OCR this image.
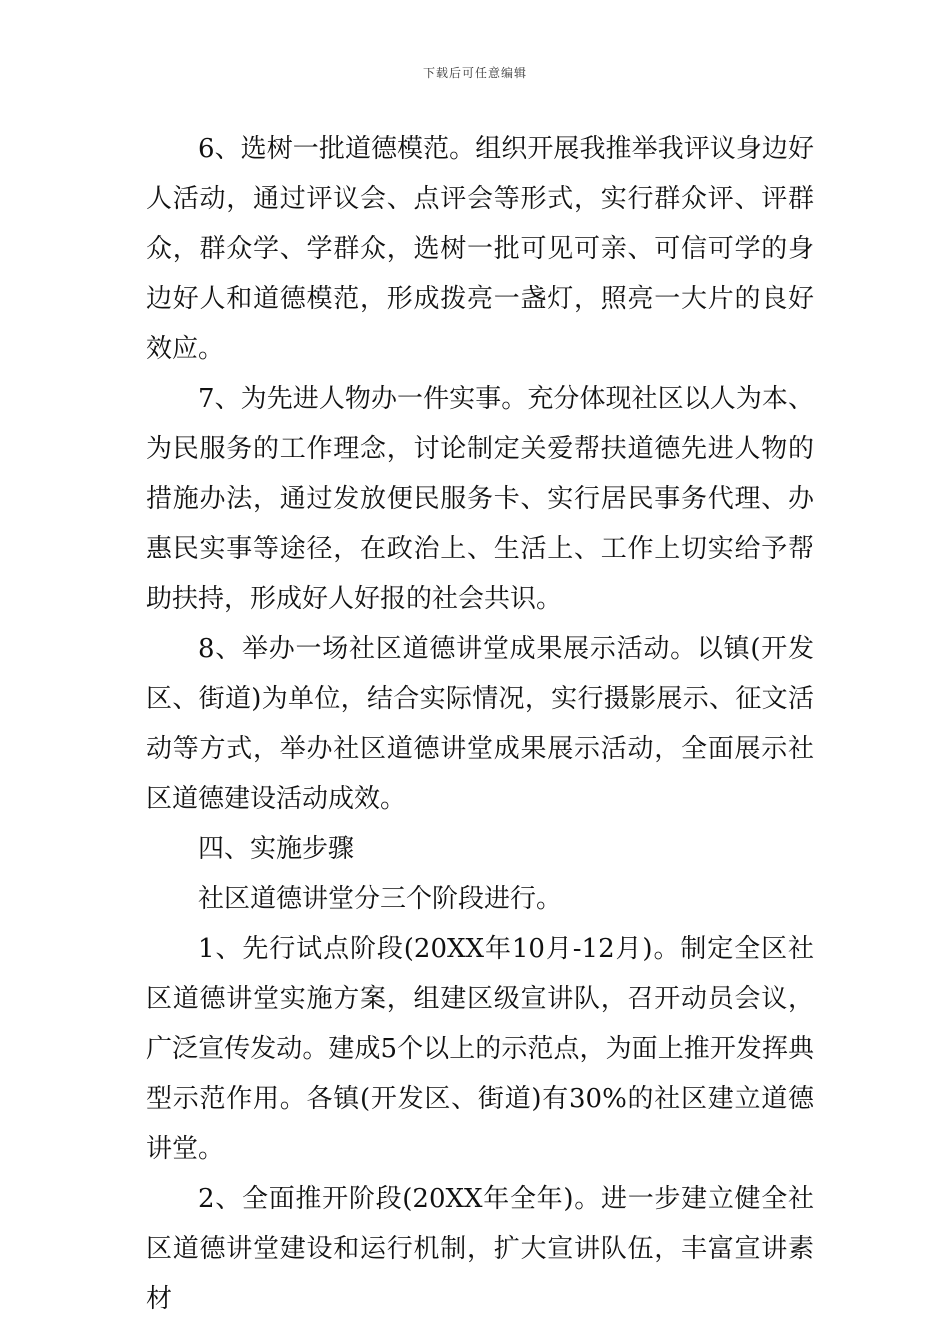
下载后可任意编辑

6、选树一批道德模范。组织开展我推举我评议身边好人活动，通过评议会、点评会等形式，实行群众评、评群众，群众学、学群众，选树一批可见可亲、可信可学的身边好人和道德模范，形成拨亮一盏灯，照亮一大片的良好效应。

7、为先进人物办一件实事。充分体现社区以人为本、为民服务的工作理念，讨论制定关爱帮扶道德先进人物的措施办法，通过发放便民服务卡、实行居民事务代理、办惠民实事等途径，在政治上、生活上、工作上切实给予帮助扶持，形成好人好报的社会共识。

8、举办一场社区道德讲堂成果展示活动。以镇(开发区、街道)为单位，结合实际情况，实行摄影展示、征文活动等方式，举办社区道德讲堂成果展示活动，全面展示社区道德建设活动成效。

四、实施步骤

社区道德讲堂分三个阶段进行。

1、先行试点阶段(20XX年10月-12月)。制定全区社区道德讲堂实施方案，组建区级宣讲队，召开动员会议，广泛宣传发动。建成5个以上的示范点，为面上推开发挥典型示范作用。各镇(开发区、街道)有30%的社区建立道德讲堂。

2、全面推开阶段(20XX年全年)。进一步建立健全社区道德讲堂建设和运行机制，扩大宣讲队伍，丰富宣讲素材
